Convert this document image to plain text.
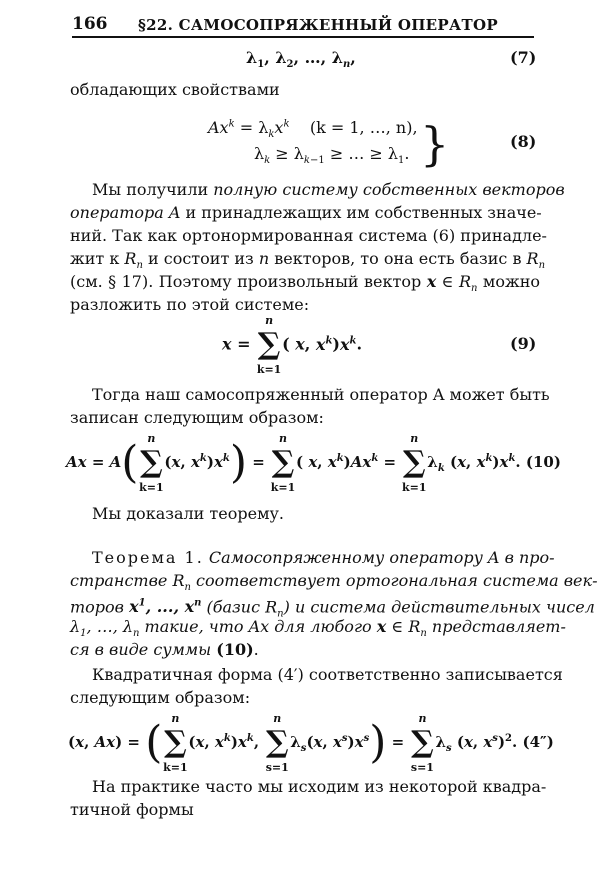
166 §22. САМОСОПРЯЖЕННЫЙ ОПЕРАТОР
$\lambda_1$, $\lambda_2$, …, $\lambda_n$,	(7)
обладающих свойствами
$Ax^k = \lambda_kx^k$ (k = 1, …, n),
$\lambda_k \ge \lambda_{k-1}$ ≥ … ≥ $\lambda_1$. }	(8)
Мы получили полную систему собственных векторов
оператора A и принадлежащих им собственных значе-
ний. Так как ортонормированная система (6) принадле-
жит к $R_n$ и состоит из n векторов, то она есть базис в $R_n$
(см. § 17). Поэтому произвольный вектор x ∈ $R_n$ можно
разложить по этой системе:
x =
n
∑
k=1
( x, $x^k)x^k$.	(9)
Тогда наш самосопряженный оператор A может быть
записан следующим образом:
Ax = A( n
∑
k=1
(x, $x^k)x^k$) =
n
∑
k=1
( x, $x^k)Ax^k$ =
n
∑
k=1
$\lambda_k$ (x, $x^k)x^k$. (10)
Мы доказали теорему.
Теорема 1. Самосопряженному оператору A в про-
странстве $R_n$ соответствует ортогональная система век-
торов $x^1$, ..., $x^n$ (базис $R_n$) и система действительных чисел
$\lambda_1$, …, $\lambda_n$ такие, что Ax для любого x ∈ $R_n$ представляет-
ся в виде суммы (10).
Квадратичная форма (4′) соответственно записывается
следующим образом:
(x, Ax) = ( n
∑
k=1
(x, $x^k)x^k$,
n
∑
s=1
$\lambda_s(x$, $x^s)x^s$) =
n
∑
s=1
$\lambda_s$ (x, $x^s)^2$. (4″)
На практике часто мы исходим из некоторой квадра-
тичной формы
